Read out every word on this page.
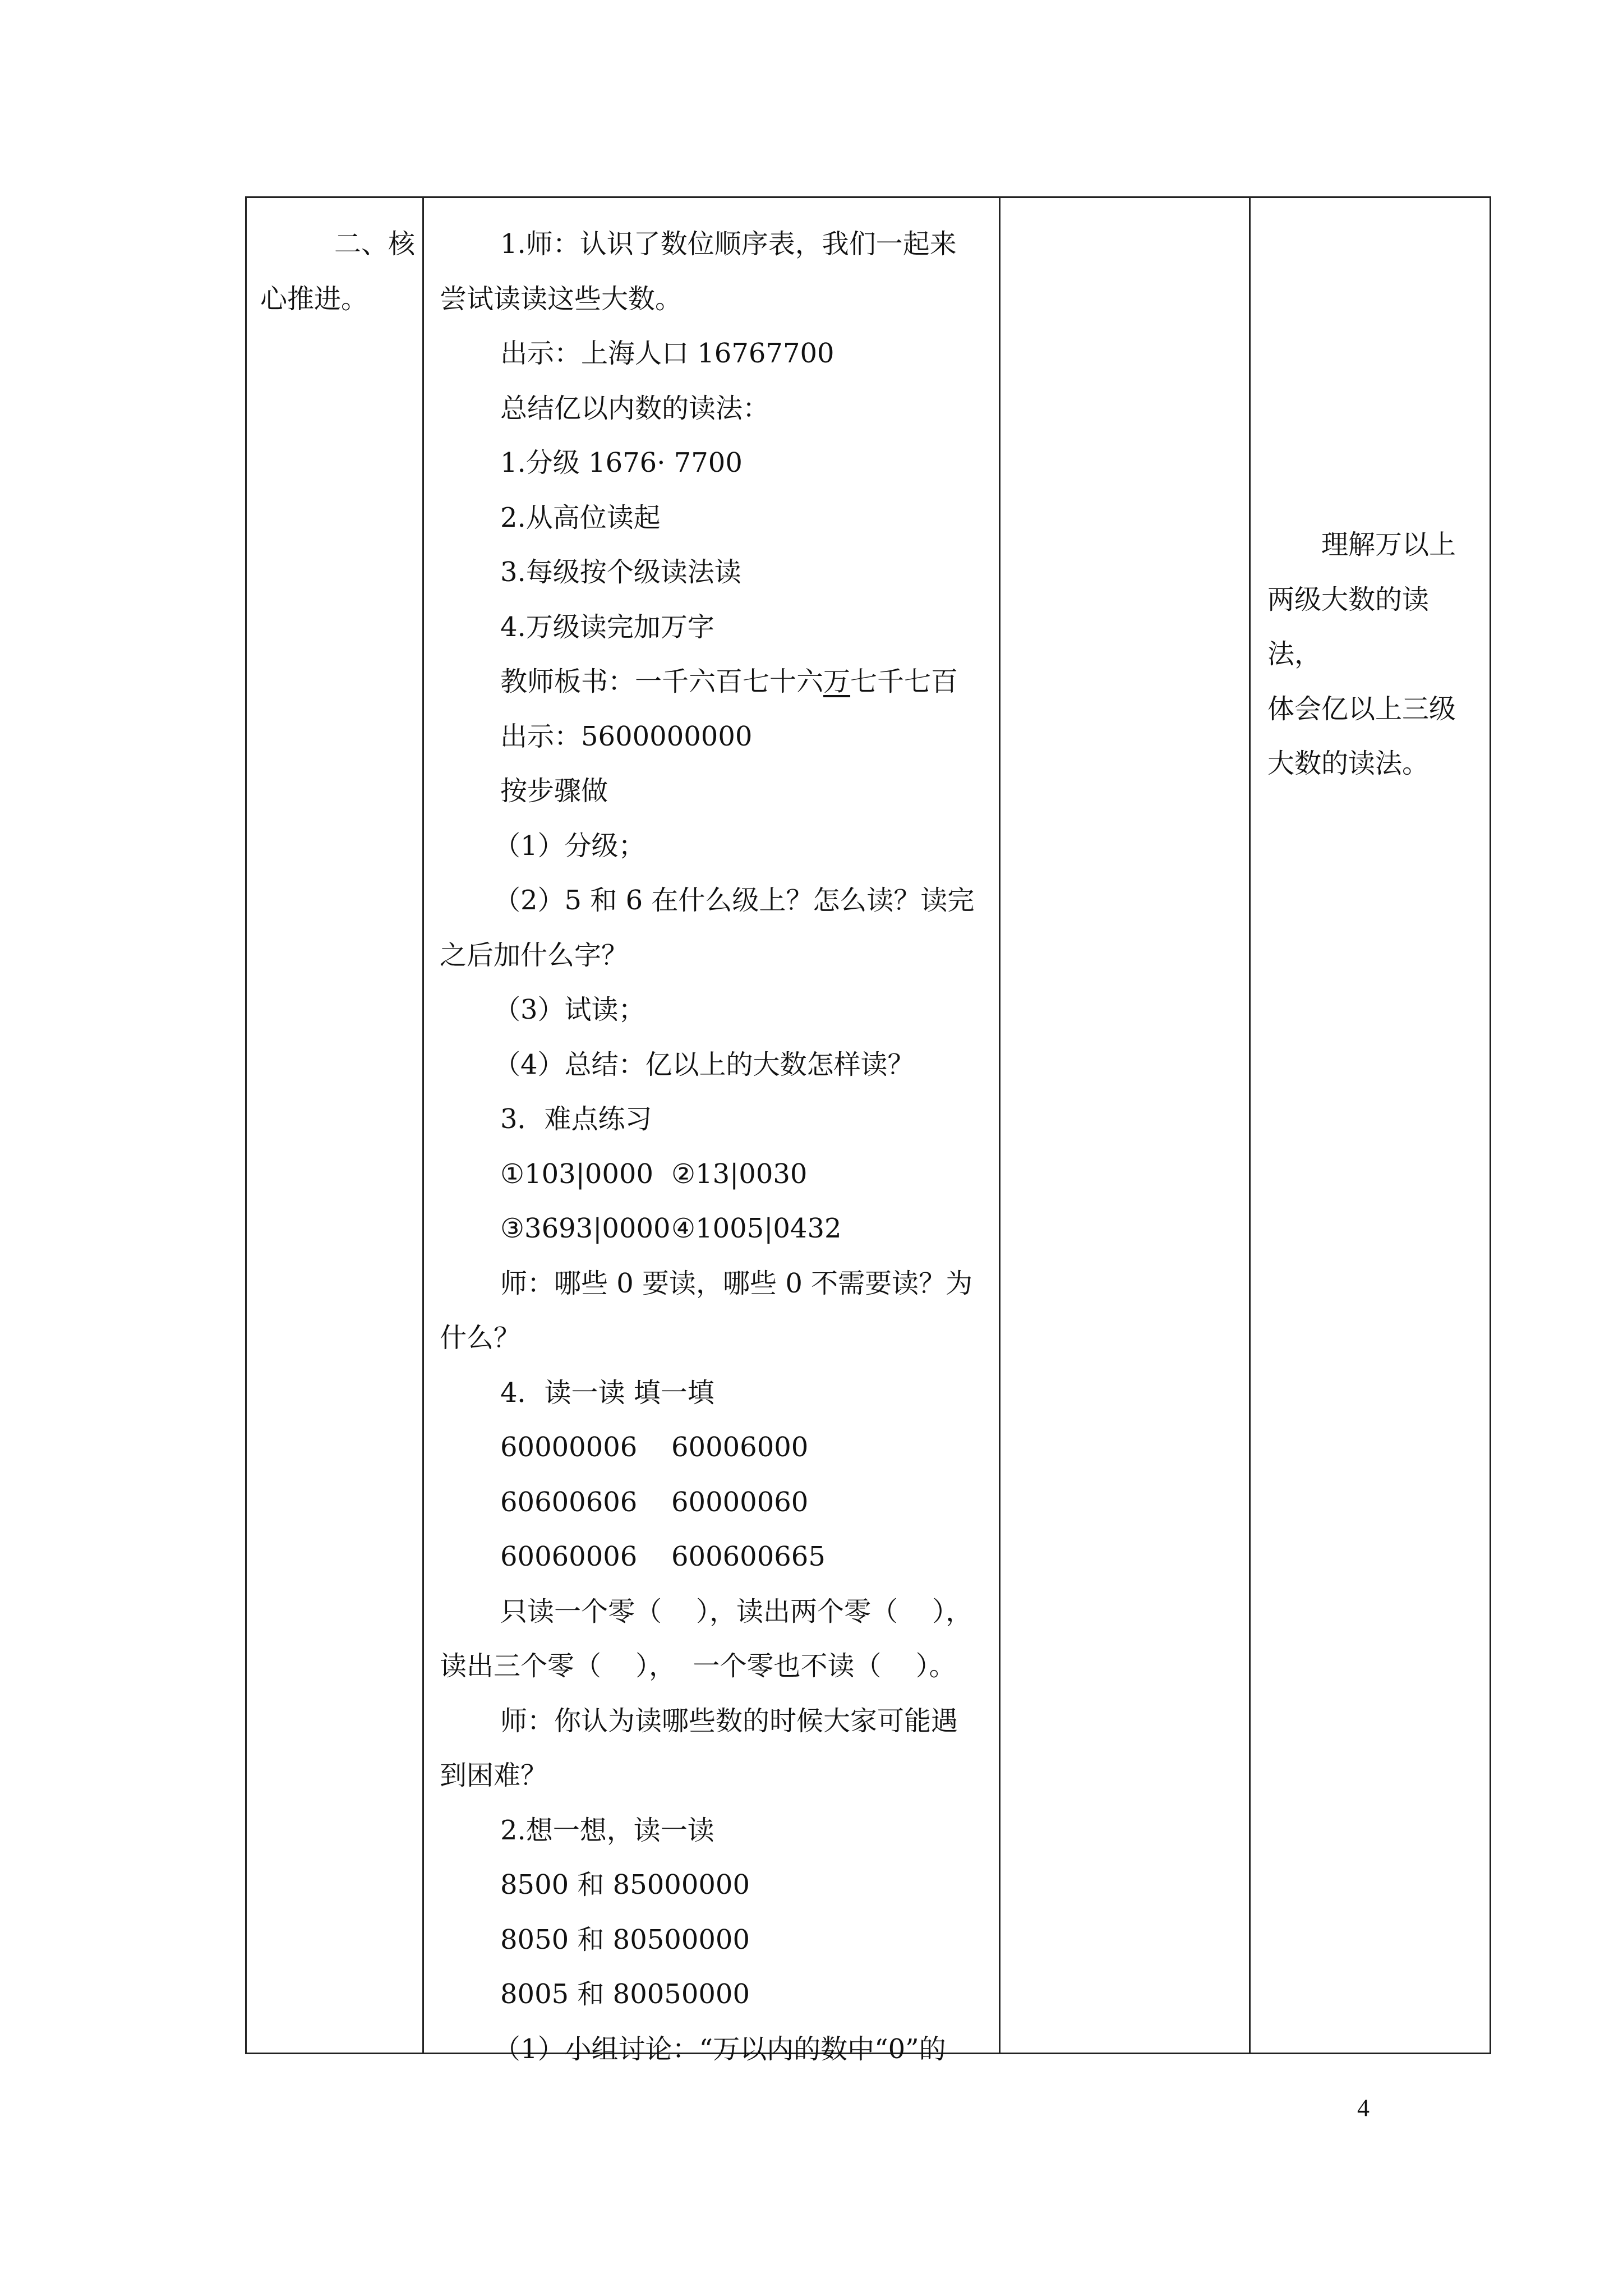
二、核
心推进。
1.师：认识了数位顺序表，我们一起来
尝试读读这些大数。
出示：上海人口 16767700
总结亿以内数的读法：
1.分级 1676· 7700
2.从高位读起
3.每级按个级读法读
4.万级读完加万字
教师板书：一千六百七十六万七千七百
出示：5600000000
按步骤做
（1）分级；
（2）5 和 6 在什么级上？怎么读？读完
之后加什么字？
（3）试读；
（4）总结：亿以上的大数怎样读？
3．难点练习
①103|0000 ②13|0030
③3693|0000④1005|0432
师：哪些 0 要读，哪些 0 不需要读？为
什么？
4．读一读 填一填
60000006 60006000
60600606 60000060
60060006 600600665
只读一个零（    ），读出两个零（    ），
读出三个零（    ），  一个零也不读（    ）。
师：你认为读哪些数的时候大家可能遇
到困难？
2.想一想，读一读
8500 和 85000000
8050 和 80500000
8005 和 80050000
（1）小组讨论：“万以内的数中“0”的

理解万以上

两级大数的读法，

体会亿以上三级

大数的读法。

4
